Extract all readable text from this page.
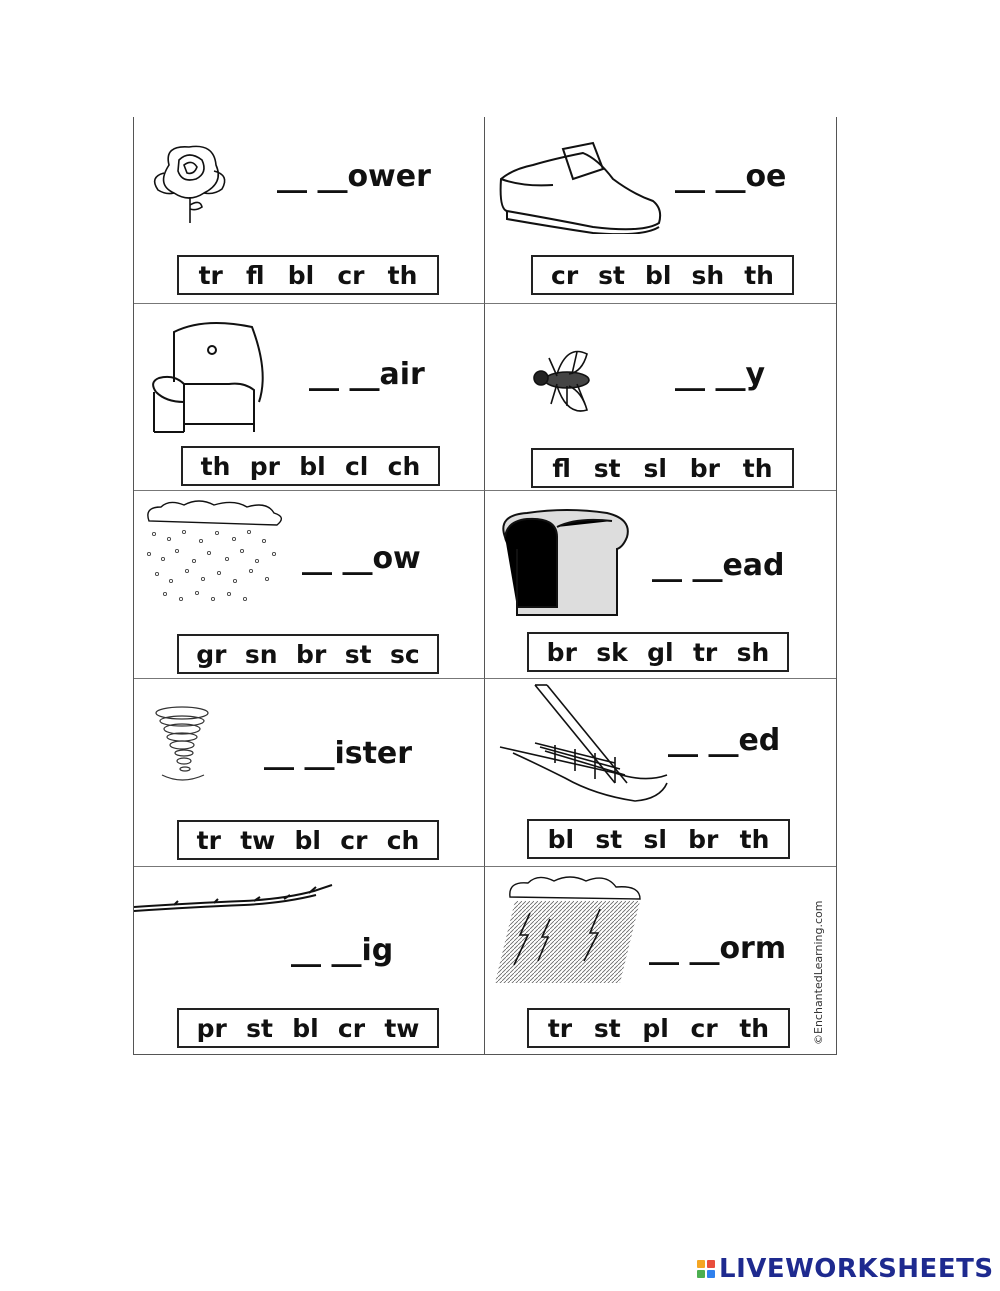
__ __ower
tr fl bl cr th
__ __oe
cr st bl sh th
__ __air
th pr bl cl ch
__ __y
fl st sl br th
__ __ow
gr sn br st sc
__ __ead
br sk gl tr sh
__ __ister
tr tw bl cr ch
__ __ed
bl st sl br th
__ __ig
pr st bl cr tw
__ __orm
tr st pl cr th	©EnchantedLearning.com
LIVEWORKSHEETS
